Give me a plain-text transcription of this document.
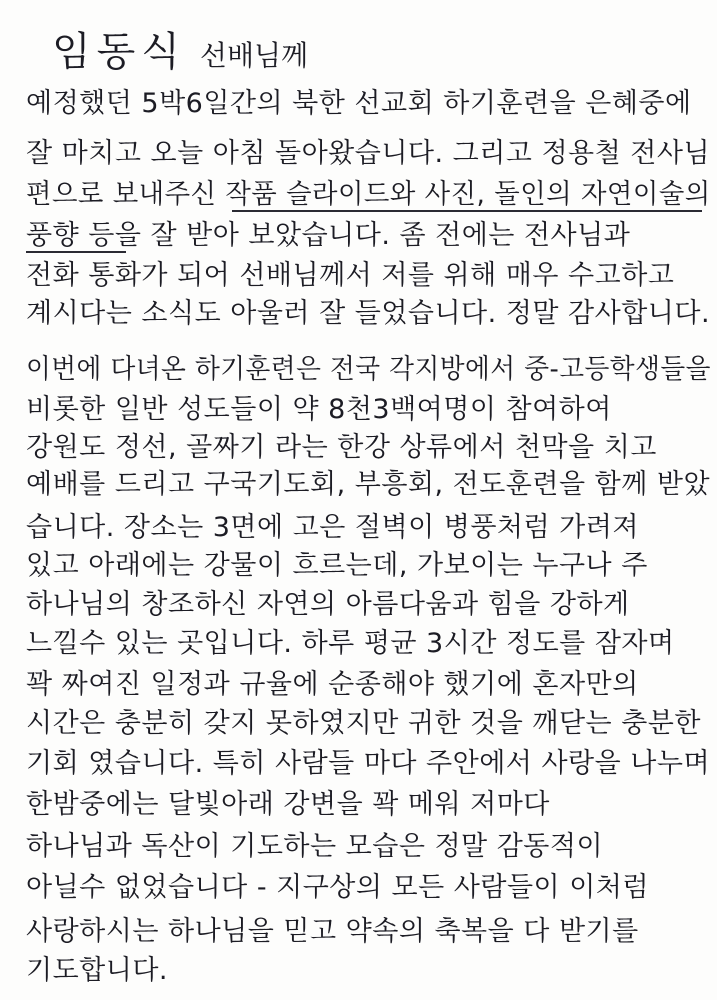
임동식 선배님께
예정했던 5박6일간의 북한 선교회 하기훈련을 은혜중에
잘 마치고 오늘 아침 돌아왔습니다. 그리고 정용철 전사님
편으로 보내주신 작품 슬라이드와 사진, 돌인의 자연이술의
풍향 등을 잘 받아 보았습니다. 좀 전에는 전사님과
전화 통화가 되어 선배님께서 저를 위해 매우 수고하고
계시다는 소식도 아울러 잘 들었습니다. 정말 감사합니다.
이번에 다녀온 하기훈련은 전국 각지방에서 중-고등학생들을
비롯한 일반 성도들이 약 8천3백여명이 참여하여
강원도 정선, 골짜기 라는 한강 상류에서 천막을 치고
예배를 드리고 구국기도회, 부흥회, 전도훈련을 함께 받았
습니다. 장소는 3면에 고은 절벽이 병풍처럼 가려져
있고 아래에는 강물이 흐르는데, 가보이는 누구나 주
하나님의 창조하신 자연의 아름다움과 힘을 강하게
느낄수 있는 곳입니다. 하루 평균 3시간 정도를 잠자며
꽉 짜여진 일정과 규율에 순종해야 했기에 혼자만의
시간은 충분히 갖지 못하였지만 귀한 것을 깨닫는 충분한
기회 였습니다. 특히 사람들 마다 주안에서 사랑을 나누며
한밤중에는 달빛아래 강변을 꽉 메워 저마다
하나님과 독산이 기도하는 모습은 정말 감동적이
아닐수 없었습니다 - 지구상의 모든 사람들이 이처럼
사랑하시는 하나님을 믿고 약속의 축복을 다 받기를
기도합니다.
